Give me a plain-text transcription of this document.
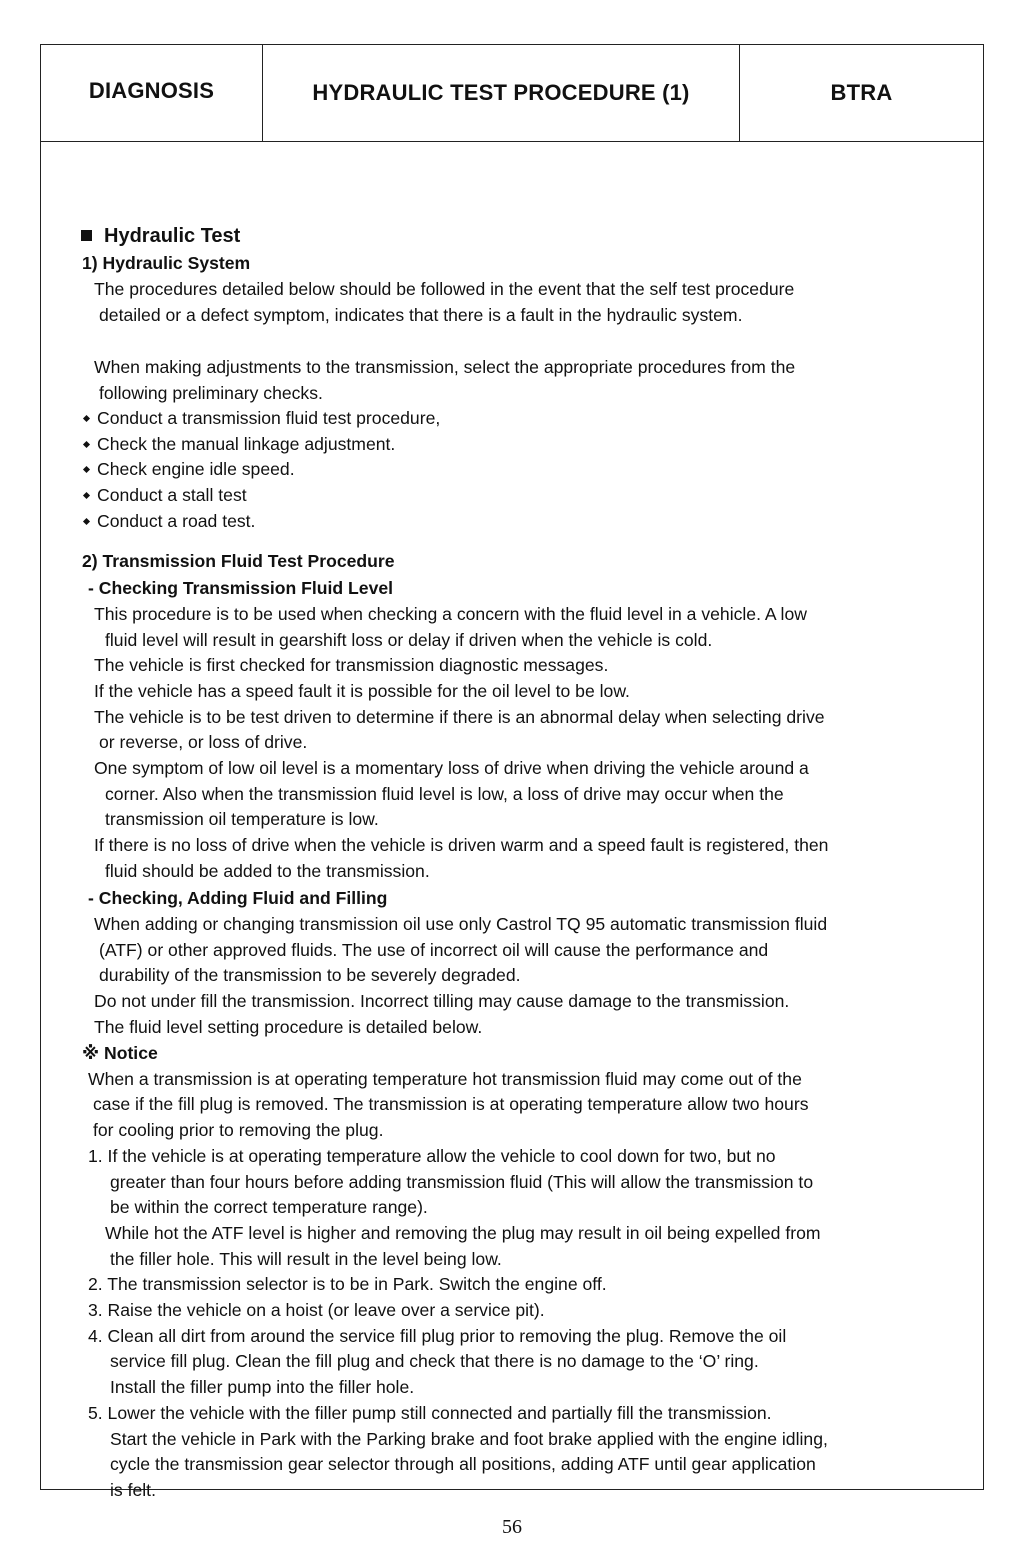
DIAGNOSIS	HYDRAULIC TEST PROCEDURE (1)	BTRA
Hydraulic Test
1) Hydraulic System
The procedures detailed below should be followed in the event that the self test procedure
detailed or a defect symptom, indicates that there is a fault in the hydraulic system.
When making adjustments to the transmission, select the appropriate procedures from the
following preliminary checks.
Conduct a transmission fluid test procedure,
Check the manual linkage adjustment.
Check engine idle speed.
Conduct a stall test
Conduct a road test.
2) Transmission Fluid Test Procedure
- Checking Transmission Fluid Level
This procedure is to be used when checking a concern with the fluid level in a vehicle. A low
fluid level will result in gearshift loss or delay if driven when the vehicle is cold.
The vehicle is first checked for transmission diagnostic messages.
If the vehicle has a speed fault it is possible for the oil level to be low.
The vehicle is to be test driven to determine if there is an abnormal delay when selecting drive
or reverse, or loss of drive.
One symptom of low oil level is a momentary loss of drive when driving the vehicle around a
corner. Also when the transmission fluid level is low, a loss of drive may occur when the
transmission oil temperature is low.
If there is no loss of drive when the vehicle is driven warm and a speed fault is registered, then
fluid should be added to the transmission.
- Checking, Adding Fluid and Filling
When adding or changing transmission oil use only Castrol TQ 95 automatic transmission fluid
(ATF) or other approved fluids. The use of incorrect oil will cause the performance and
durability of the transmission to be severely degraded.
Do not under fill the transmission. Incorrect tilling may cause damage to the transmission.
The fluid level setting procedure is detailed below.
※ Notice
When a transmission is at operating temperature hot transmission fluid may come out of the
case if the fill plug is removed. The transmission is at operating temperature allow two hours
for cooling prior to removing the plug.
1. If the vehicle is at operating temperature allow the vehicle to cool down for two, but no
greater than four hours before adding transmission fluid (This will allow the transmission to
be within the correct temperature range).
While hot the ATF level is higher and removing the plug may result in oil being expelled from
the filler hole. This will result in the level being low.
2. The transmission selector is to be in Park. Switch the engine off.
3. Raise the vehicle on a hoist (or leave over a service pit).
4. Clean all dirt from around the service fill plug prior to removing the plug. Remove the oil
service fill plug. Clean the fill plug and check that there is no damage to the ‘O’ ring.
Install the filler pump into the filler hole.
5. Lower the vehicle with the filler pump still connected and partially fill the transmission.
Start the vehicle in Park with the Parking brake and foot brake applied with the engine idling,
cycle the transmission gear selector through all positions, adding ATF until gear application
is felt.
56
